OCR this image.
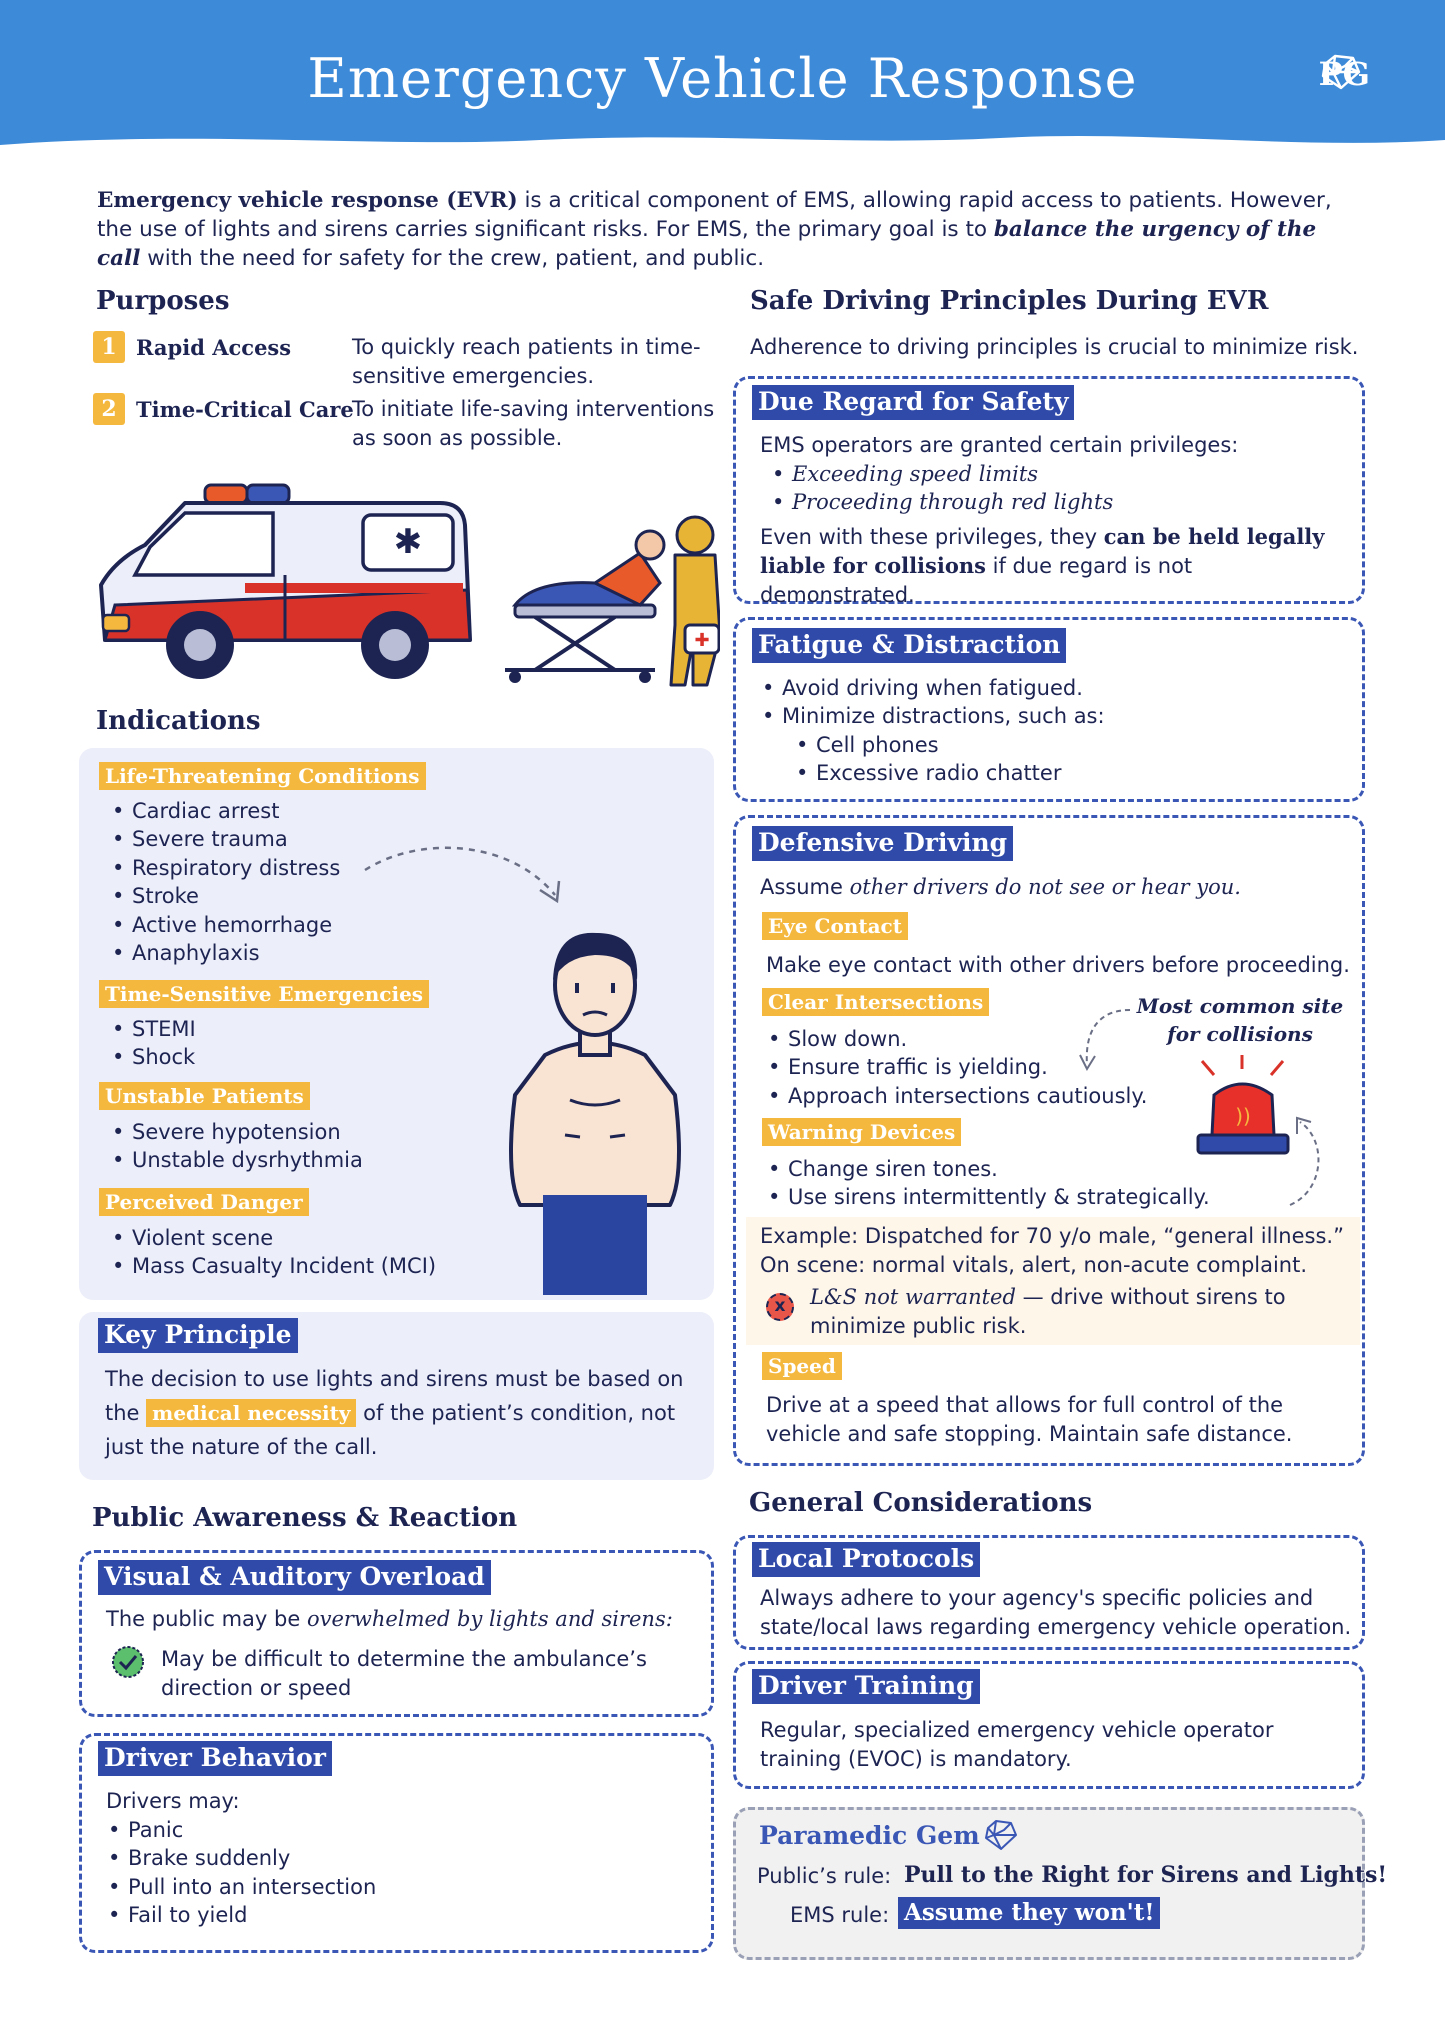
Emergency Vehicle Response	PG
Emergency vehicle response (EVR) is a critical component of EMS, allowing rapid access to patients. However, the use of lights and sirens carries significant risks. For EMS, the primary goal is to balance the urgency of the call with the need for safety for the crew, patient, and public.
Purposes
1 Rapid Access	To quickly reach patients in time-sensitive emergencies.
2 Time-Critical Care
To initiate life-saving interventions as soon as possible.
✱
✚
Indications
Life-Threatening Conditions
• Cardiac arrest
• Severe trauma
• Respiratory distress
• Stroke
• Active hemorrhage
• Anaphylaxis
Time-Sensitive Emergencies
• STEMI
• Shock
Unstable Patients
• Severe hypotension
• Unstable dysrhythmia
Perceived Danger
• Violent scene
• Mass Casualty Incident (MCI)
Key Principle
The decision to use lights and sirens must be based on the medical necessity of the patient’s condition, not just the nature of the call.
Public Awareness & Reaction
Visual & Auditory Overload
The public may be overwhelmed by lights and sirens:
May be difficult to determine the ambulance’s direction or speed
Driver Behavior
Drivers may:
• Panic
• Brake suddenly
• Pull into an intersection
• Fail to yield
Safe Driving Principles During EVR
Adherence to driving principles is crucial to minimize risk.
Due Regard for Safety
EMS operators are granted certain privileges:
• Exceeding speed limits
• Proceeding through red lights
Even with these privileges, they can be held legally liable for collisions if due regard is not demonstrated.
Fatigue & Distraction
• Avoid driving when fatigued.
• Minimize distractions, such as:
• Cell phones
• Excessive radio chatter
Defensive Driving
Assume other drivers do not see or hear you.
Eye Contact
Make eye contact with other drivers before proceeding.
Clear Intersections
• Slow down.
• Ensure traffic is yielding.
• Approach intersections cautiously.
Most common site for collisions
))
Warning Devices
• Change siren tones.
• Use sirens intermittently & strategically.
Example: Dispatched for 70 y/o male, “general illness.”
On scene: normal vitals, alert, non-acute complaint.
x	L&S not warranted — drive without sirens to minimize public risk.
Speed
Drive at a speed that allows for full control of the vehicle and safe stopping. Maintain safe distance.
General Considerations
Local Protocols
Always adhere to your agency's specific policies and state/local laws regarding emergency vehicle operation.
Driver Training
Regular, specialized emergency vehicle operator training (EVOC) is mandatory.
Paramedic Gem
Public’s rule: Pull to the Right for Sirens and Lights!
EMS rule: Assume they won't!
